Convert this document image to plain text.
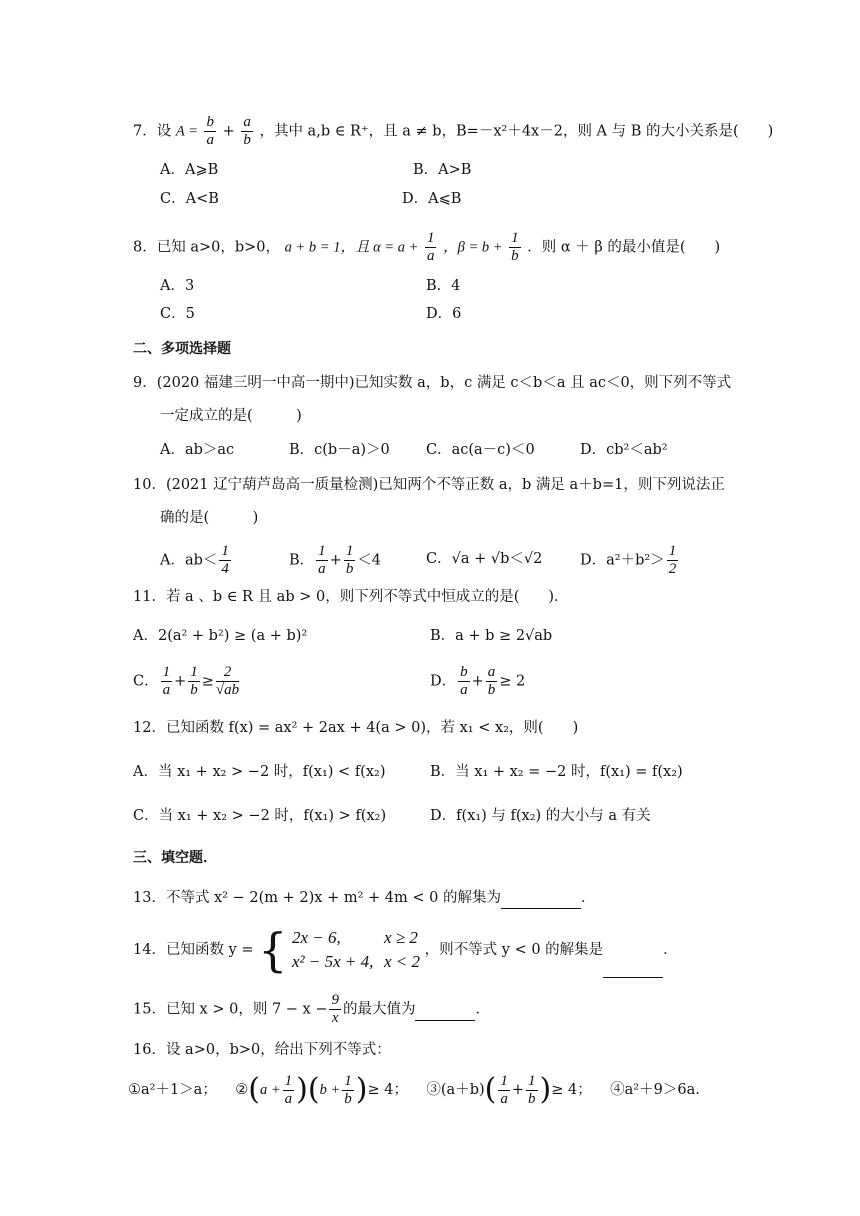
7．设 $A = \frac{b}{a} + \frac{a}{b}$ ，其中 a,b ∈ R⁺，且 a ≠ b，B=－x²＋4x－2，则 A 与 B 的大小关系是(　　)
A．A⩾B	B．A>B
C．A<B	D．A⩽B
8．已知 a>0，b>0， a + b = 1，且 $\alpha = a + \frac{1}{a}$ ，$\beta = b + \frac{1}{b}$ ．则 α ＋ β 的最小值是(　　)
A．3	B．4
C．5	D．6
二、多项选择题
9．(2020 福建三明一中高一期中)已知实数 a，b，c 满足 c＜b＜a 且 ac＜0，则下列不等式
一定成立的是(　　　)
A．ab＞ac	B．c(b－a)＞0	C．ac(a－c)＜0	D．cb²＜ab²
10．(2021 辽宁葫芦岛高一质量检测)已知两个不等正数 a，b 满足 a＋b=1，则下列说法正
确的是(　　　)
A．$ab< \frac{1}{4}$	B． $\frac{1}{a} + \frac{1}{b} <4$	C．√a + √b＜√2	D．$a^2+b^2> \frac{1}{2}$
11．若 a 、b ∈ R 且 ab > 0，则下列不等式中恒成立的是(　　)．
A．2(a² + b²) ≥ (a + b)²	B．a + b ≥ 2√ab
C． $\frac{1}{a} + \frac{1}{b} \ge \frac{2}{√ab}$	D． $\frac{b}{a} + \frac{a}{b} \ge 2$
12．已知函数 f(x) = ax² + 2ax + 4(a > 0)，若 x₁ < x₂，则(　　)
A．当 x₁ + x₂ > −2 时，f(x₁) < f(x₂)	B．当 x₁ + x₂ = −2 时，f(x₁) = f(x₂)
C．当 x₁ + x₂ > −2 时，f(x₁) > f(x₂)	D．f(x₁) 与 f(x₂) 的大小与 a 有关
三、填空题．
13．不等式 x² − 2(m + 2)x + m² + 4m < 0 的解集为	．
14．已知函数 y = { 2x − 6,	x ≥ 2
x² − 5x + 4, x < 2
，则不等式 y < 0 的解集是	．
15．已知 x > 0，则 $7 - x - \frac{9}{x}$ 的最大值为	．
16．设 a>0，b>0，给出下列不等式：
①a²＋1＞a； ②(a + $\frac{1}{a} )(b + \frac{1}{b}$ )≥ 4； ③(a＋b)( $\frac{1}{a} + \frac{1}{b}$ )≥ 4； ④a²＋9＞6a.
